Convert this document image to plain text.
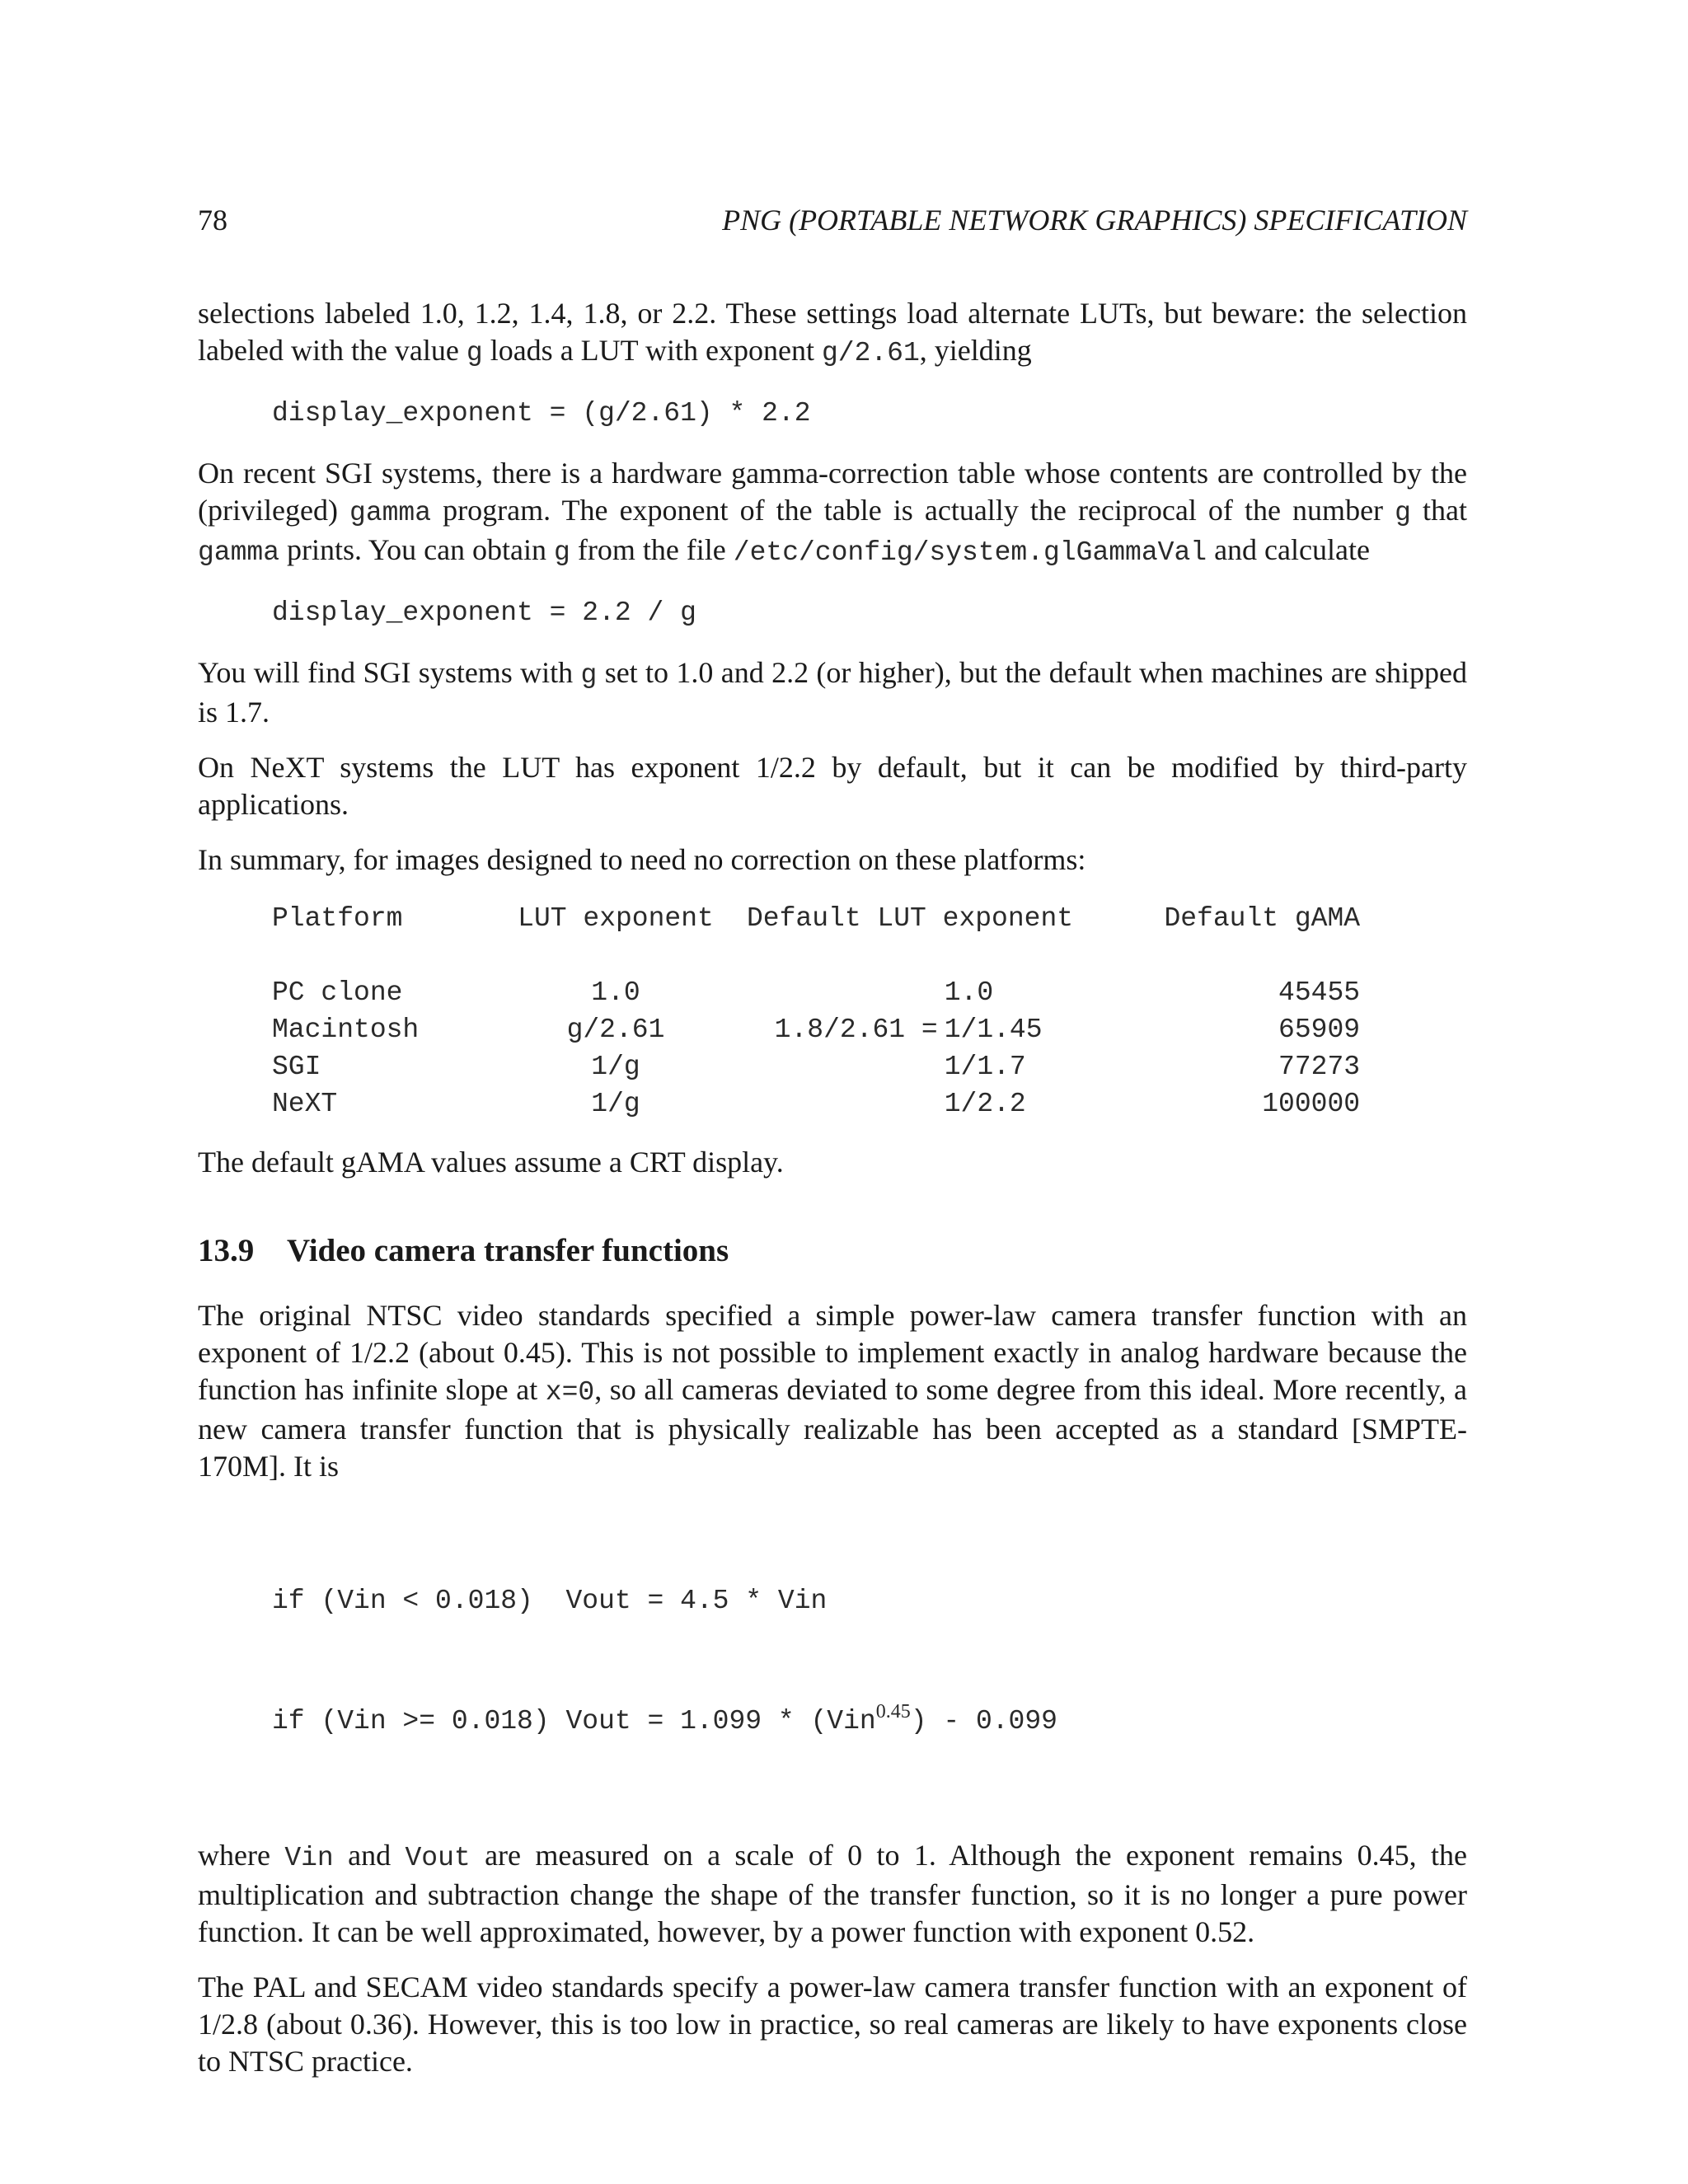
78	PNG (PORTABLE NETWORK GRAPHICS) SPECIFICATION

selections labeled 1.0, 1.2, 1.4, 1.8, or 2.2. These settings load alternate LUTs, but beware: the selection labeled with the value g loads a LUT with exponent g/2.61, yielding

display_exponent = (g/2.61) * 2.2

On recent SGI systems, there is a hardware gamma-correction table whose contents are controlled by the (privileged) gamma program. The exponent of the table is actually the reciprocal of the number g that gamma prints. You can obtain g from the file /etc/config/system.glGammaVal and calculate

display_exponent = 2.2 / g

You will find SGI systems with g set to 1.0 and 2.2 (or higher), but the default when machines are shipped is 1.7.

On NeXT systems the LUT has exponent 1/2.2 by default, but it can be modified by third-party applications.

In summary, for images designed to need no correction on these platforms:

Platform	LUT exponent	Default LUT exponent		Default gAMA
PC clone	1.0		1.0	45455
Macintosh	g/2.61	1.8/2.61 =	1/1.45	65909
SGI	1/g		1/1.7	77273
NeXT	1/g		1/2.2	100000

The default gAMA values assume a CRT display.

13.9 Video camera transfer functions

The original NTSC video standards specified a simple power-law camera transfer function with an exponent of 1/2.2 (about 0.45). This is not possible to implement exactly in analog hardware because the function has infinite slope at x=0, so all cameras deviated to some degree from this ideal. More recently, a new camera transfer function that is physically realizable has been accepted as a standard [SMPTE-170M]. It is

if (Vin < 0.018)  Vout = 4.5 * Vin

if (Vin >= 0.018) Vout = 1.099 * (Vin$^{0.45}$) - 0.099

where Vin and Vout are measured on a scale of 0 to 1. Although the exponent remains 0.45, the multiplication and subtraction change the shape of the transfer function, so it is no longer a pure power function. It can be well approximated, however, by a power function with exponent 0.52.

The PAL and SECAM video standards specify a power-law camera transfer function with an exponent of 1/2.8 (about 0.36). However, this is too low in practice, so real cameras are likely to have exponents close to NTSC practice.
